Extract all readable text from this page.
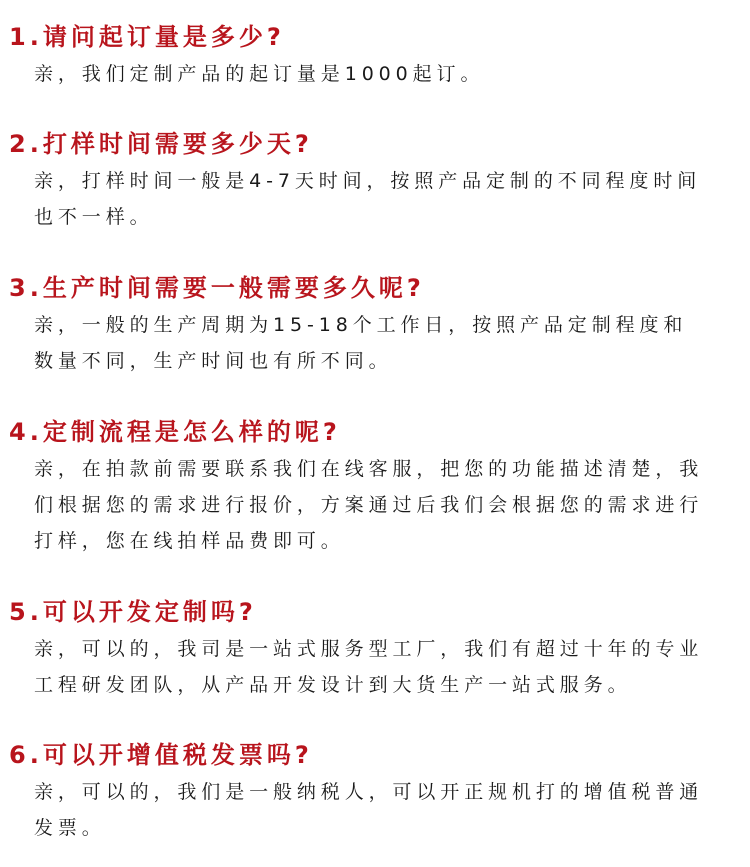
1.请问起订量是多少?

亲，我们定制产品的起订量是1000起订。

2.打样时间需要多少天?

亲，打样时间一般是4-7天时间，按照产品定制的不同程度时间也不一样。

3.生产时间需要一般需要多久呢?

亲，一般的生产周期为15-18个工作日，按照产品定制程度和数量不同，生产时间也有所不同。

4.定制流程是怎么样的呢?

亲，在拍款前需要联系我们在线客服，把您的功能描述清楚，我们根据您的需求进行报价，方案通过后我们会根据您的需求进行打样，您在线拍样品费即可。

5.可以开发定制吗?

亲，可以的，我司是一站式服务型工厂，我们有超过十年的专业工程研发团队，从产品开发设计到大货生产一站式服务。

6.可以开增值税发票吗?

亲，可以的，我们是一般纳税人，可以开正规机打的增值税普通发票。
